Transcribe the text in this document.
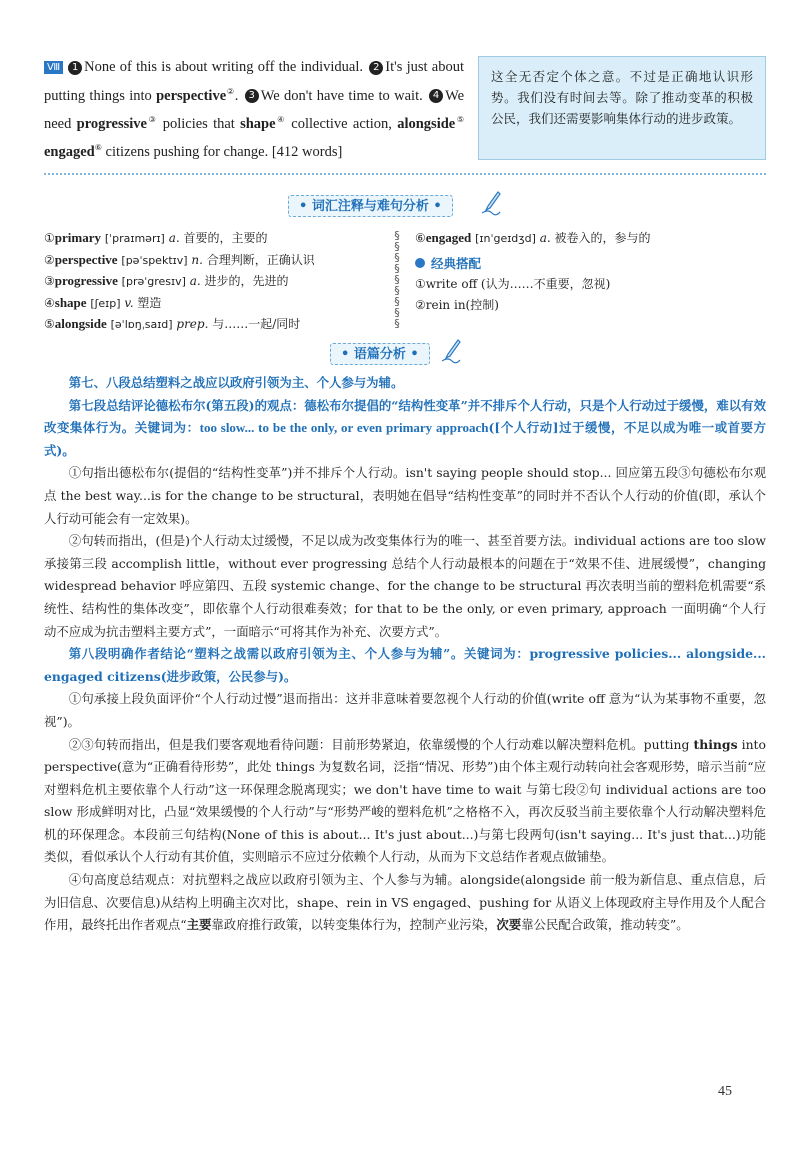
Ⅷ 1 None of this is about writing off the individual. 2 It's just about putting things into perspective②. 3 We don't have time to wait. 4 We need progressive③ policies that shape④ collective action, alongside⑤ engaged⑥ citizens pushing for change. [412 words]
这全无否定个体之意。不过是正确地认识形势。我们没有时间去等。除了推动变革的积极公民，我们还需要影响集体行动的进步政策。
• 词汇注释与难句分析 •
①primary [ˈpraɪmərɪ] a. 首要的，主要的
②perspective [pəˈspektɪv] n. 合理判断，正确认识
③progressive [prəˈgresɪv] a. 进步的，先进的
④shape [ʃeɪp] v. 塑造
⑤alongside [əˈlɒŋˌsaɪd] prep. 与……一起/同时
§
§
§
§
§
§
§
§
§
⑥engaged [ɪnˈgeɪdʒd] a. 被卷入的，参与的
经典搭配
①write off (认为……不重要，忽视)
②rein in(控制)
• 语篇分析 •

第七、八段总结塑料之战应以政府引领为主、个人参与为辅。

第七段总结评论德松布尔(第五段)的观点：德松布尔提倡的“结构性变革”并不排斥个人行动，只是个人行动过于缓慢，难以有效改变集体行为。关键词为：too slow... to be the only, or even primary approach([个人行动]过于缓慢，不足以成为唯一或首要方式)。

①句指出德松布尔(提倡的“结构性变革”)并不排斥个人行动。isn't saying people should stop... 回应第五段③句德松布尔观点 the best way...is for the change to be structural，表明她在倡导“结构性变革”的同时并不否认个人行动的价值(即，承认个人行动可能会有一定效果)。

②句转而指出，(但是)个人行动太过缓慢，不足以成为改变集体行为的唯一、甚至首要方法。individual actions are too slow 承接第三段 accomplish little，without ever progressing 总结个人行动最根本的问题在于“效果不佳、进展缓慢”，changing widespread behavior 呼应第四、五段 systemic change、for the change to be structural 再次表明当前的塑料危机需要“系统性、结构性的集体改变”，即依靠个人行动很难奏效；for that to be the only, or even primary, approach 一面明确“个人行动不应成为抗击塑料主要方式”，一面暗示“可将其作为补充、次要方式”。

第八段明确作者结论“塑料之战需以政府引领为主、个人参与为辅”。关键词为：progressive policies... alongside... engaged citizens(进步政策，公民参与)。

①句承接上段负面评价“个人行动过慢”退而指出：这并非意味着要忽视个人行动的价值(write off 意为“认为某事物不重要，忽视”)。

②③句转而指出，但是我们要客观地看待问题：目前形势紧迫，依靠缓慢的个人行动难以解决塑料危机。putting things into perspective(意为“正确看待形势”，此处 things 为复数名词，泛指“情况、形势”)由个体主观行动转向社会客观形势，暗示当前“应对塑料危机主要依靠个人行动”这一环保理念脱离现实；we don't have time to wait 与第七段②句 individual actions are too slow 形成鲜明对比，凸显“效果缓慢的个人行动”与“形势严峻的塑料危机”之格格不入，再次反驳当前主要依靠个人行动解决塑料危机的环保理念。本段前三句结构(None of this is about... It's just about...)与第七段两句(isn't saying... It's just that...)功能类似，看似承认个人行动有其价值，实则暗示不应过分依赖个人行动，从而为下文总结作者观点做铺垫。

④句高度总结观点：对抗塑料之战应以政府引领为主、个人参与为辅。alongside(alongside 前一般为新信息、重点信息，后为旧信息、次要信息)从结构上明确主次对比，shape、rein in VS engaged、pushing for 从语义上体现政府主导作用及个人配合作用，最终托出作者观点“主要靠政府推行政策，以转变集体行为，控制产业污染，次要靠公民配合政策，推动转变”。

45
